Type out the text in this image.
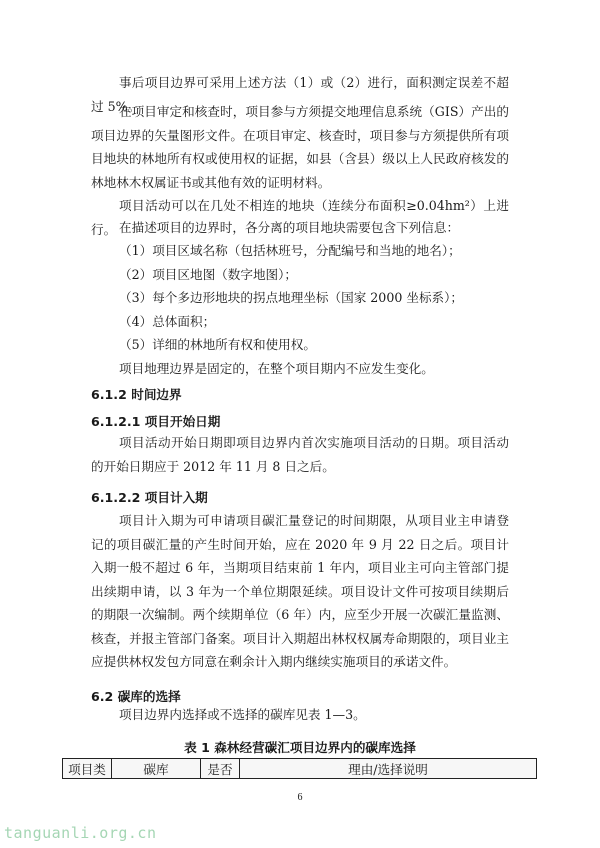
事后项目边界可采用上述方法（1）或（2）进行，面积测定误差不超过 5%。

在项目审定和核查时，项目参与方须提交地理信息系统（GIS）产出的项目边界的矢量图形文件。在项目审定、核查时，项目参与方须提供所有项目地块的林地所有权或使用权的证据，如县（含县）级以上人民政府核发的林地林木权属证书或其他有效的证明材料。

项目活动可以在几处不相连的地块（连续分布面积≥0.04hm²）上进行。 在描述项目的边界时，各分离的项目地块需要包含下列信息：

（1）项目区域名称（包括林班号，分配编号和当地的地名）；
（2）项目区地图（数字地图）；
（3）每个多边形地块的拐点地理坐标（国家 2000 坐标系）；
（4）总体面积；
（5）详细的林地所有权和使用权。

项目地理边界是固定的，在整个项目期内不应发生变化。

6.1.2 时间边界

6.1.2.1 项目开始日期

项目活动开始日期即项目边界内首次实施项目活动的日期。项目活动的开始日期应于 2012 年 11 月 8 日之后。

6.1.2.2 项目计入期

项目计入期为可申请项目碳汇量登记的时间期限，从项目业主申请登记的项目碳汇量的产生时间开始，应在 2020 年 9 月 22 日之后。项目计入期一般不超过 6 年，当期项目结束前 1 年内，项目业主可向主管部门提出续期申请，以 3 年为一个单位期限延续。项目设计文件可按项目续期后的期限一次编制。两个续期单位（6 年）内，应至少开展一次碳汇量监测、核查，并报主管部门备案。项目计入期超出林权权属寿命期限的，项目业主应提供林权发包方同意在剩余计入期内继续实施项目的承诺文件。

6.2 碳库的选择

项目边界内选择或不选择的碳库见表 1—3。

表 1 森林经营碳汇项目边界内的碳库选择

项目类	碳库	是否	理由/选择说明
6
tanguanli.org.cn
